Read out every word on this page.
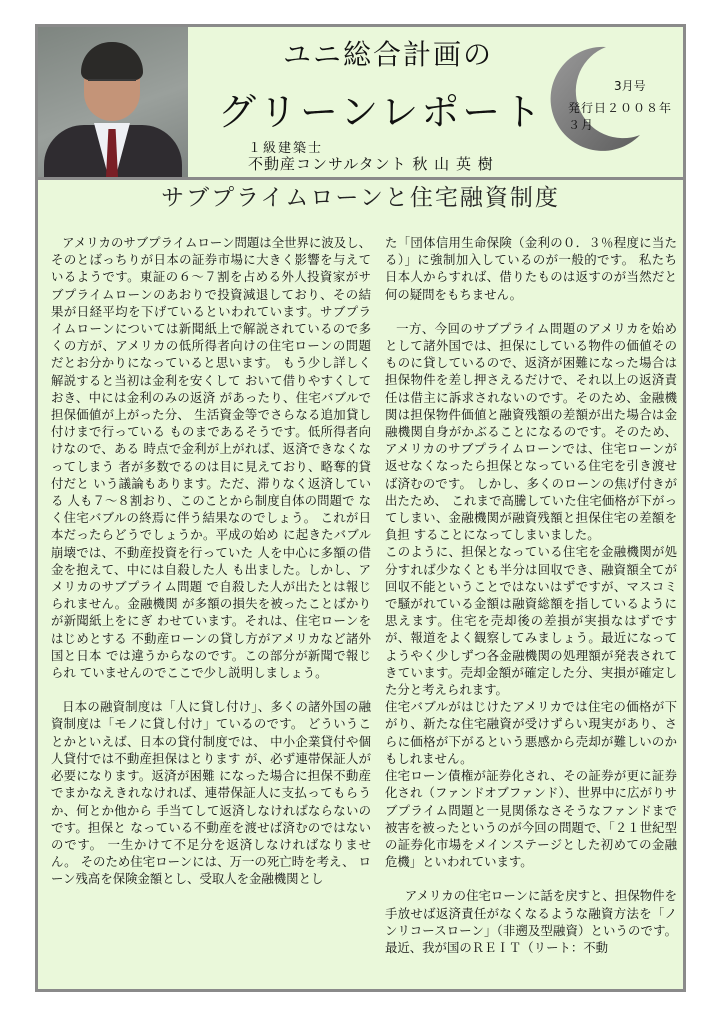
ユニ総合計画の
グリーンレポート
１級建築士
不動産コンサルタント 秋 山 英 樹
3月号
発行日２００８年３月
サブプライムローンと住宅融資制度

アメリカのサブプライムローン問題は全世界に波及し、そのとばっちりが日本の証券市場に大きく影響を与えているようです。東証の６～７割を占める外人投資家がサブプライムローンのあおりで投資減退しており、その結果が日経平均を下げているといわれています。サブプライムローンについては新聞紙上で解説されているので多くの方が、アメリカの低所得者向けの住宅ローンの問題だとお分かりになっていると思います。 もう少し詳しく解説すると当初は金利を安くして おいて借りやすくしておき、中には金利のみの返済 があったり、住宅バブルで担保価値が上がった分、 生活資金等でさらなる追加貸し付けまで行っている ものまであるそうです。低所得者向けなので、ある 時点で金利が上がれば、返済できなくなってしまう 者が多数でるのは目に見えており、略奪的貸付だと いう議論もあります。ただ、滞りなく返済している 人も７～８割おり、このことから制度自体の問題で なく住宅バブルの終焉に伴う結果なのでしょう。 これが日本だったらどうでしょうか。平成の始め に起きたバブル崩壊では、不動産投資を行っていた 人を中心に多額の借金を抱えて、中には自殺した人 も出ました。しかし、アメリカのサブプライム問題 で自殺した人が出たとは報じられません。金融機関 が多額の損失を被ったことばかりが新聞紙上をにぎ わせています。それは、住宅ローンをはじめとする 不動産ローンの貸し方がアメリカなど諸外国と日本 では違うからなのです。この部分が新聞で報じられ ていませんのでここで少し説明しましょう。

日本の融資制度は「人に貸し付け」、多くの諸外国の融資制度は「モノに貸し付け」ているのです。 どういうことかといえば、日本の貸付制度では、 中小企業貸付や個人貸付では不動産担保はとります が、必ず連帯保証人が必要になります。返済が困難 になった場合に担保不動産でまかなえきれなければ、連帯保証人に支払ってもらうか、何とか他から 手当てして返済しなければならないのです。担保と なっている不動産を渡せば済むのではないのです。 一生かけて不足分を返済しなければなりません。 そのため住宅ローンには、万一の死亡時を考え、 ローン残高を保険金額とし、受取人を金融機関とし

た「団体信用生命保険（金利の０．３％程度に当たる）」に強制加入しているのが一般的です。 私たち日本人からすれば、借りたものは返すのが当然だと何の疑問をもちません。

一方、今回のサブプライム問題のアメリカを始めとして諸外国では、担保にしている物件の価値そのものに貸しているので、返済が困難になった場合は担保物件を差し押さえるだけで、それ以上の返済責任は借主に訴求されないのです。そのため、金融機関は担保物件価値と融資残額の差額が出た場合は金融機関自身がかぶることになるのです。そのため、アメリカのサブプライムローンでは、住宅ローンが返せなくなったら担保となっている住宅を引き渡せば済むのです。 しかし、多くのローンの焦げ付きが出たため、 これまで高騰していた住宅価格が下がってしまい、金融機関が融資残額と担保住宅の差額を負担 することになってしまいました。

このように、担保となっている住宅を金融機関が処分すれば少なくとも半分は回収でき、融資額全てが回収不能ということではないはずですが、マスコミで騒がれている金額は融資総額を指しているように思えます。住宅を売却後の差損が実損なはずですが、報道をよく観察してみましょう。最近になってようやく少しずつ各金融機関の処理額が発表されてきています。売却金額が確定した分、実損が確定した分と考えられます。

住宅バブルがはじけたアメリカでは住宅の価格が下がり、新たな住宅融資が受けずらい現実があり、さらに価格が下がるという悪感から売却が難しいのかもしれません。

住宅ローン債権が証券化され、その証券が更に証券化され（ファンドオブファンド）、世界中に広がりサブプライム問題と一見関係なさそうなファンドまで被害を被ったというのが今回の問題で、「２１世紀型の証券化市場をメインステージとした初めての金融危機」といわれています。

アメリカの住宅ローンに話を戻すと、担保物件を手放せば返済責任がなくなるような融資方法を「ノンリコースローン」（非遡及型融資）というのです。最近、我が国のＲＥＩＴ（リート：不動
